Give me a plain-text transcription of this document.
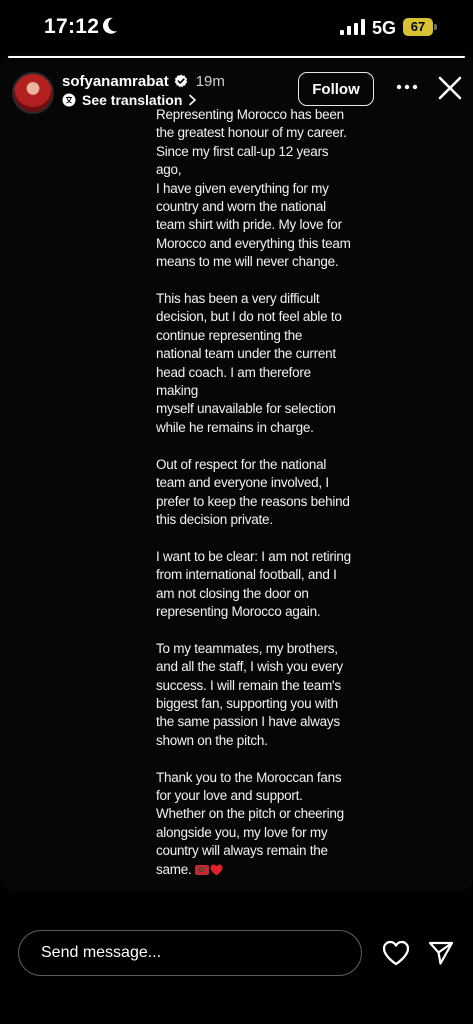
17:12	5G	67
sofyanamrabat 19m
See translation
Follow

Representing Morocco has been
the greatest honour of my career.
Since my first call-up 12 years ago,
I have given everything for my
country and worn the national
team shirt with pride. My love for
Morocco and everything this team
means to me will never change.

This has been a very difficult
decision, but I do not feel able to
continue representing the
national team under the current
head coach. I am therefore making
myself unavailable for selection
while he remains in charge.

Out of respect for the national
team and everyone involved, I
prefer to keep the reasons behind
this decision private.

I want to be clear: I am not retiring
from international football, and I
am not closing the door on
representing Morocco again.

To my teammates, my brothers,
and all the staff, I wish you every
success. I will remain the team's
biggest fan, supporting you with
the same passion I have always
shown on the pitch.

Thank you to the Moroccan fans
for your love and support.
Whether on the pitch or cheering
alongside you, my love for my
country will always remain the
same.

Send message...
